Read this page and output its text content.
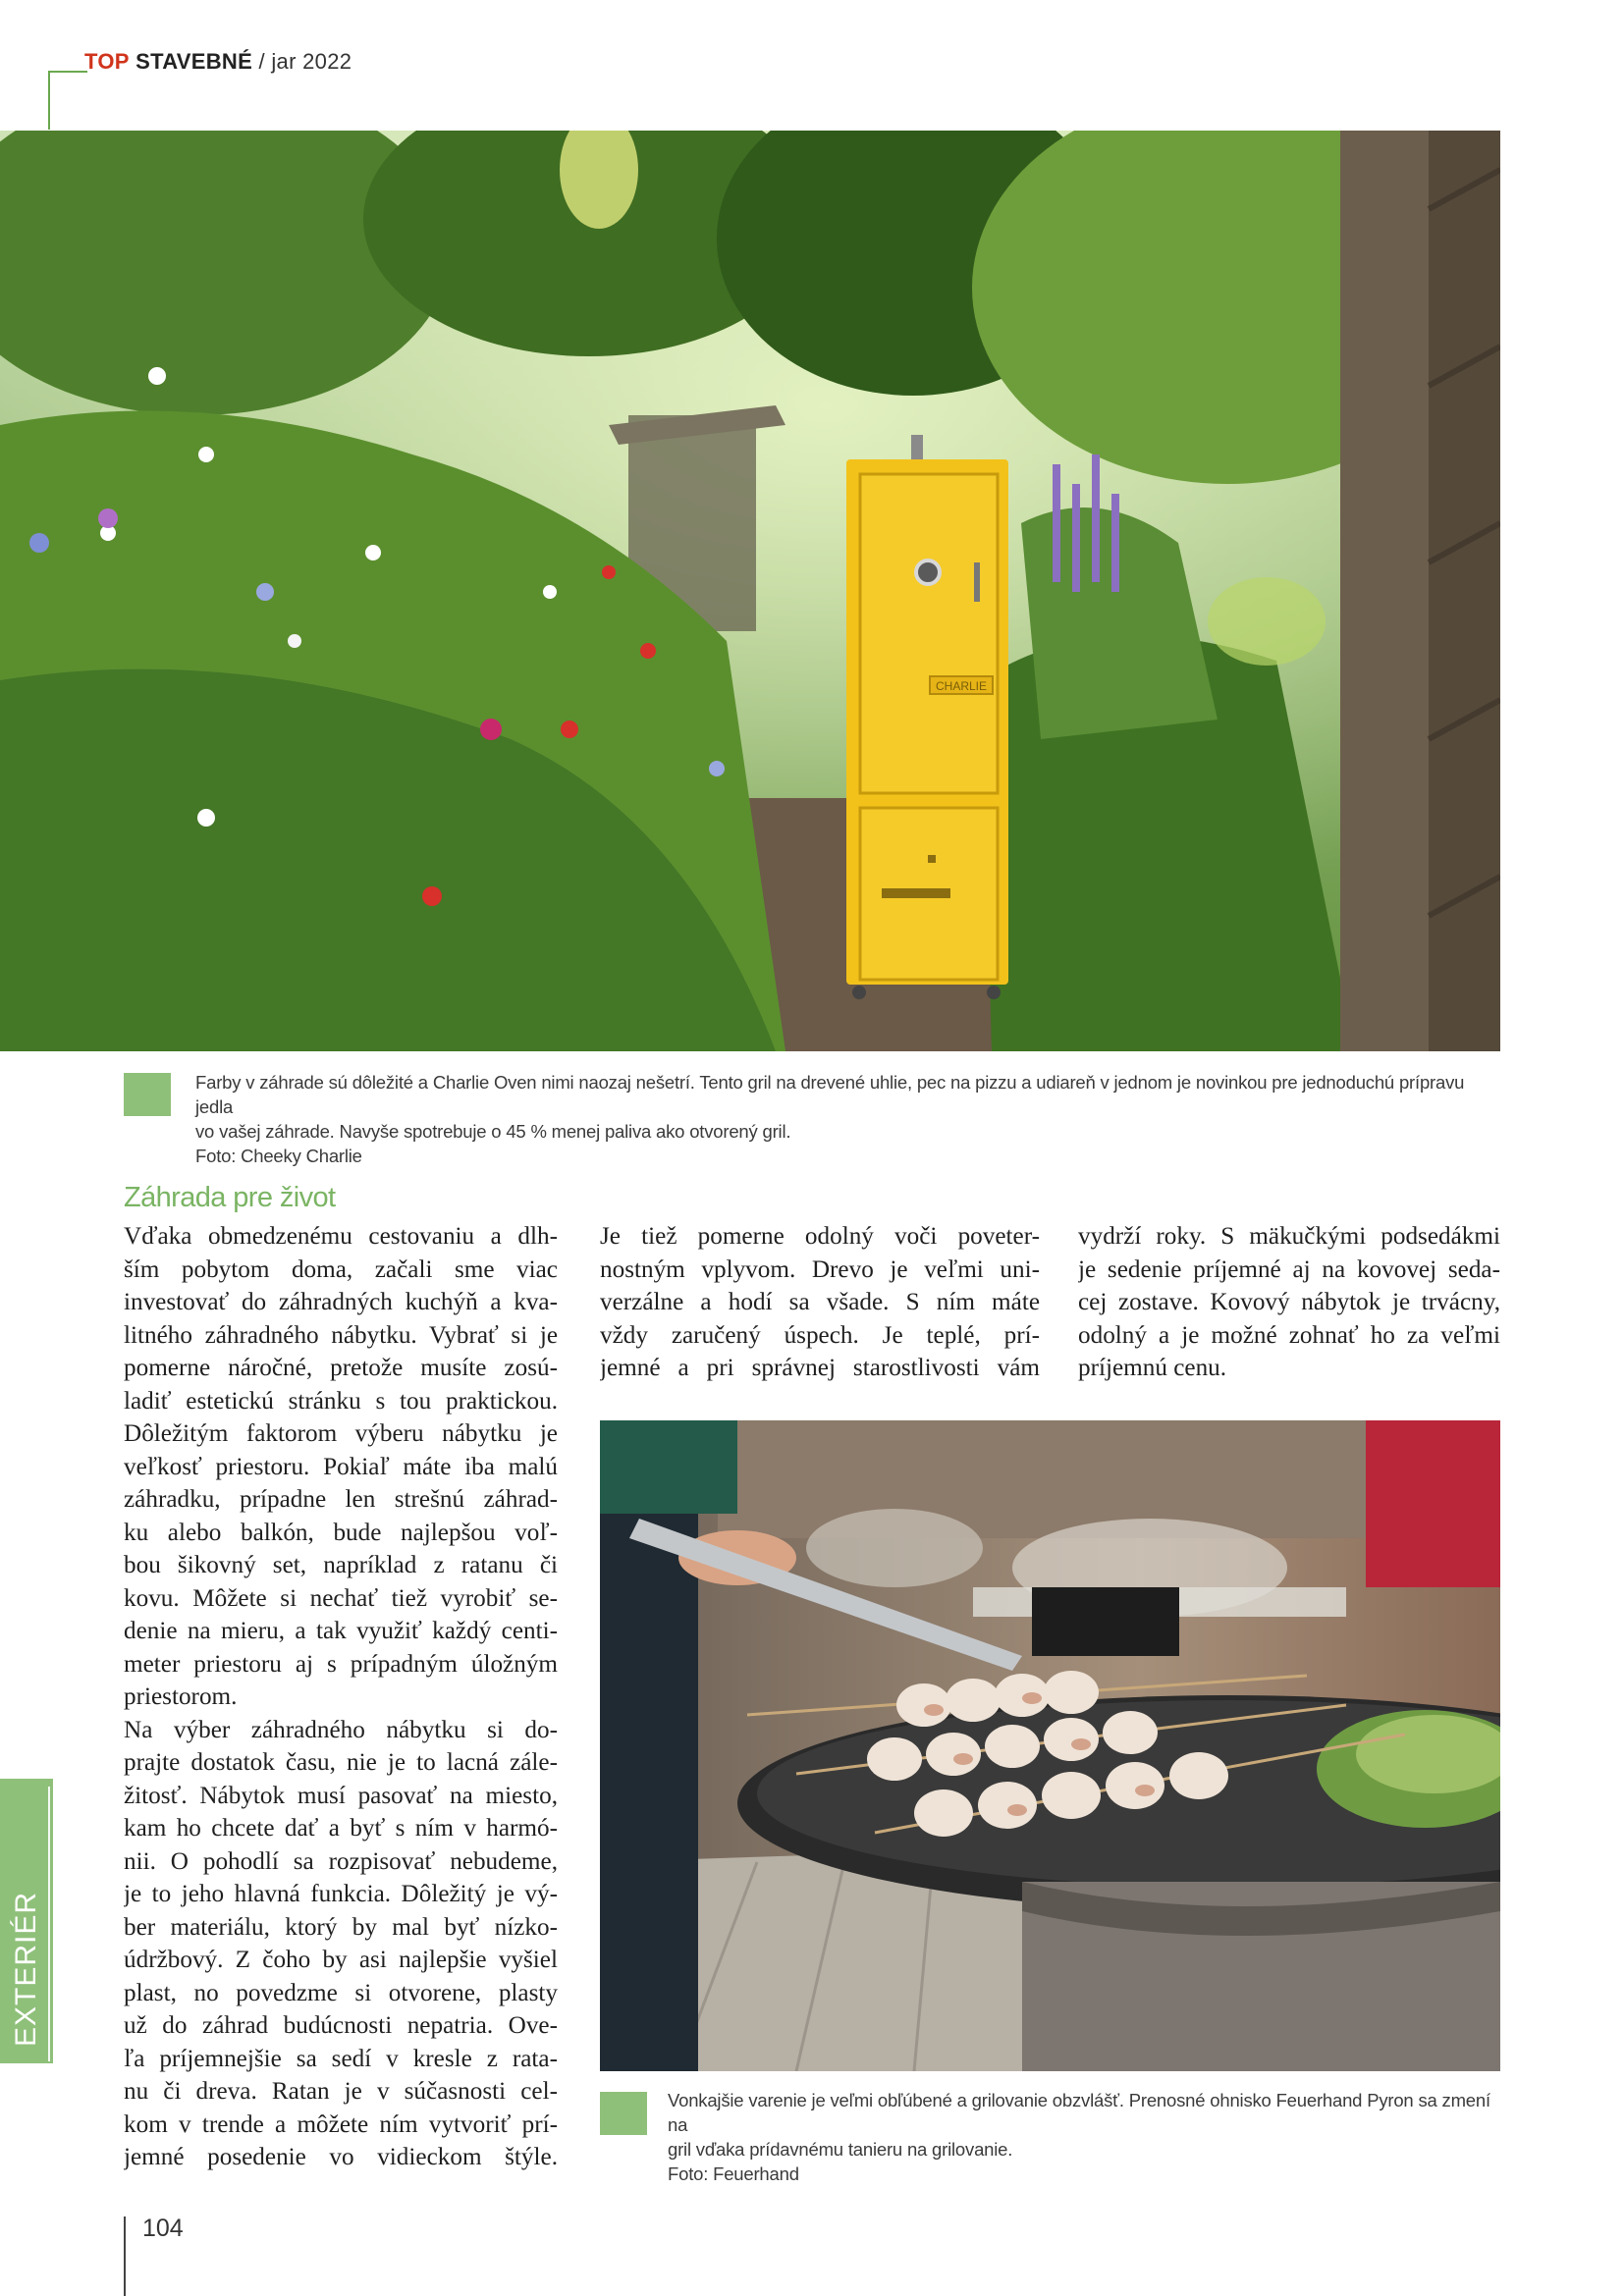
TOP STAVEBNÉ / jar 2022
CHARLIE
Farby v záhrade sú dôležité a Charlie Oven nimi naozaj nešetrí. Tento gril na drevené uhlie, pec na pizzu a udiareň v jednom je novinkou pre jednoduchú prípravu jedla
vo vašej záhrade. Navyše spotrebuje o 45 % menej paliva ako otvorený gril.
Foto: Cheeky Charlie
Záhrada pre život
Vďaka obmedzenému cestovaniu a dlh-
ším pobytom doma, začali sme viac
investovať do záhradných kuchýň a kva-
litného záhradného nábytku. Vybrať si je
pomerne náročné, pretože musíte zosú-
ladiť estetickú stránku s tou praktickou.
Dôležitým faktorom výberu nábytku je
veľkosť priestoru. Pokiaľ máte iba malú
záhradku, prípadne len strešnú záhrad-
ku alebo balkón, bude najlepšou voľ-
bou šikovný set, napríklad z ratanu či
kovu. Môžete si nechať tiež vyrobiť se-
denie na mieru, a tak využiť každý centi-
meter priestoru aj s prípadným úložným
priestorom.
Na výber záhradného nábytku si do-
prajte dostatok času, nie je to lacná zále-
žitosť. Nábytok musí pasovať na miesto,
kam ho chcete dať a byť s ním v harmó-
nii. O pohodlí sa rozpisovať nebudeme,
je to jeho hlavná funkcia. Dôležitý je vý-
ber materiálu, ktorý by mal byť nízko-
údržbový. Z čoho by asi najlepšie vyšiel
plast, no povedzme si otvorene, plasty
už do záhrad budúcnosti nepatria. Ove-
ľa príjemnejšie sa sedí v kresle z rata-
nu či dreva. Ratan je v súčasnosti cel-
kom v trende a môžete ním vytvoriť prí-
jemné posedenie vo vidieckom štýle.
Je tiež pomerne odolný voči poveter-
nostným vplyvom. Drevo je veľmi uni-
verzálne a hodí sa všade. S ním máte
vždy zaručený úspech. Je teplé, prí-
jemné a pri správnej starostlivosti vám
vydrží roky. S mäkučkými podsedákmi
je sedenie príjemné aj na kovovej seda-
cej zostave. Kovový nábytok je trvácny,
odolný a je možné zohnať ho za veľmi
príjemnú cenu.
Vonkajšie varenie je veľmi obľúbené a grilovanie obzvlášť. Prenosné ohnisko Feuerhand Pyron sa zmení na
gril vďaka prídavnému tanieru na grilovanie.
Foto: Feuerhand
EXTERIÉR
104
